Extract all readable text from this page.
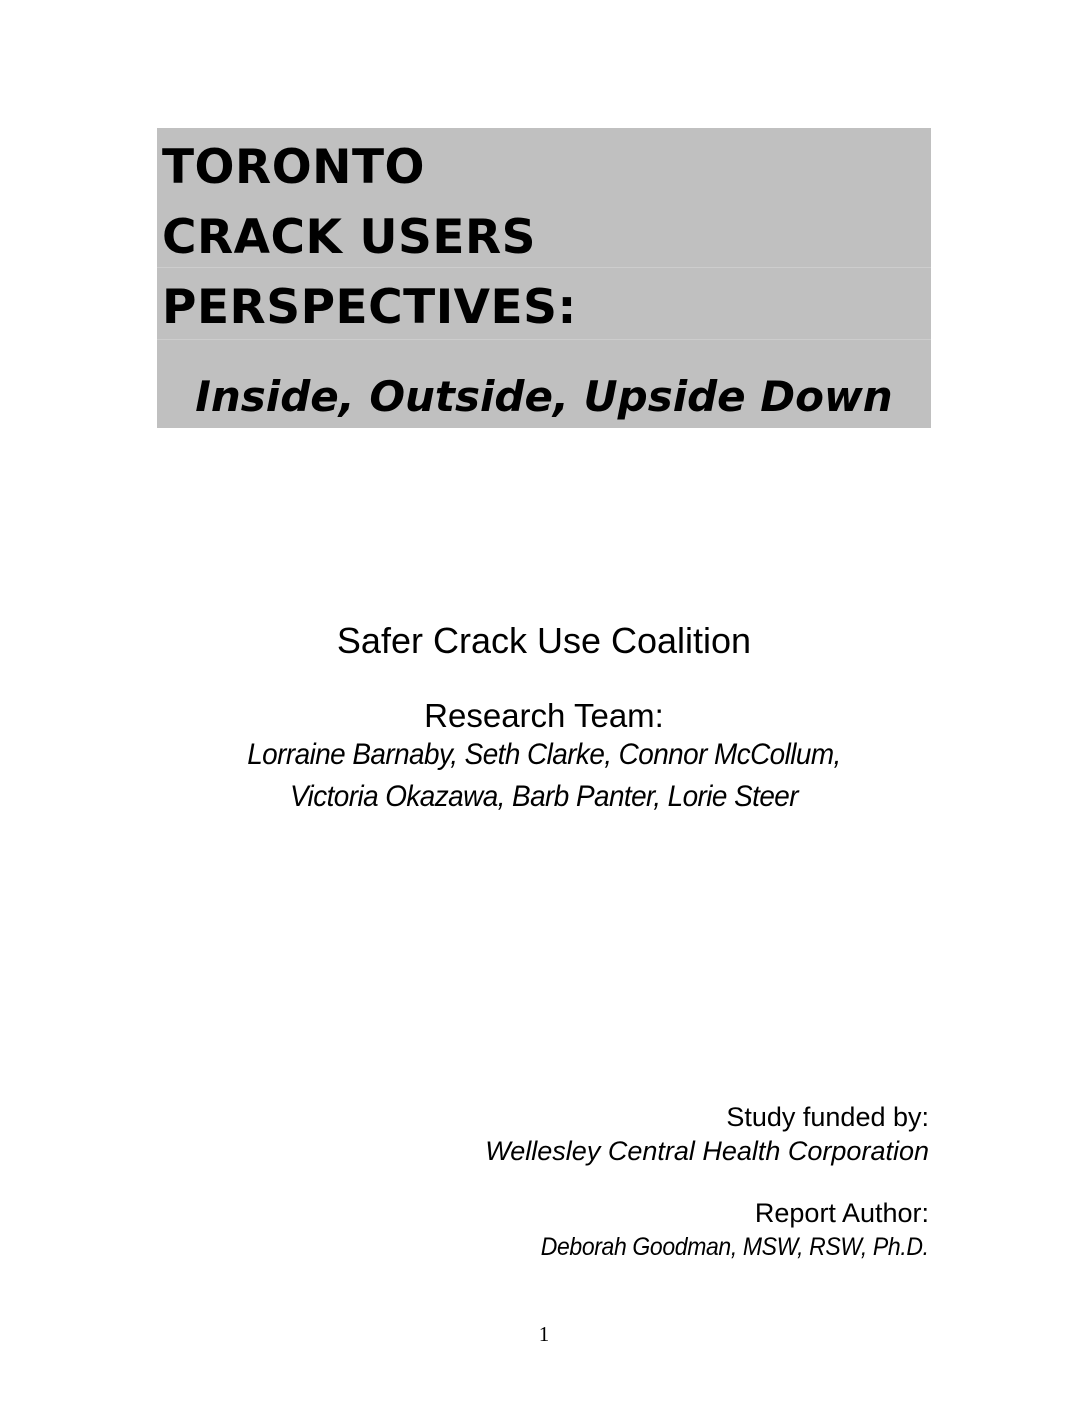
TORONTO
CRACK USERS
PERSPECTIVES:
Inside, Outside, Upside Down
Safer Crack Use Coalition
Research Team:
Lorraine Barnaby, Seth Clarke, Connor McCollum,
Victoria Okazawa, Barb Panter, Lorie Steer
Study funded by:
Wellesley Central Health Corporation
Report Author:
Deborah Goodman, MSW, RSW, Ph.D.
1
